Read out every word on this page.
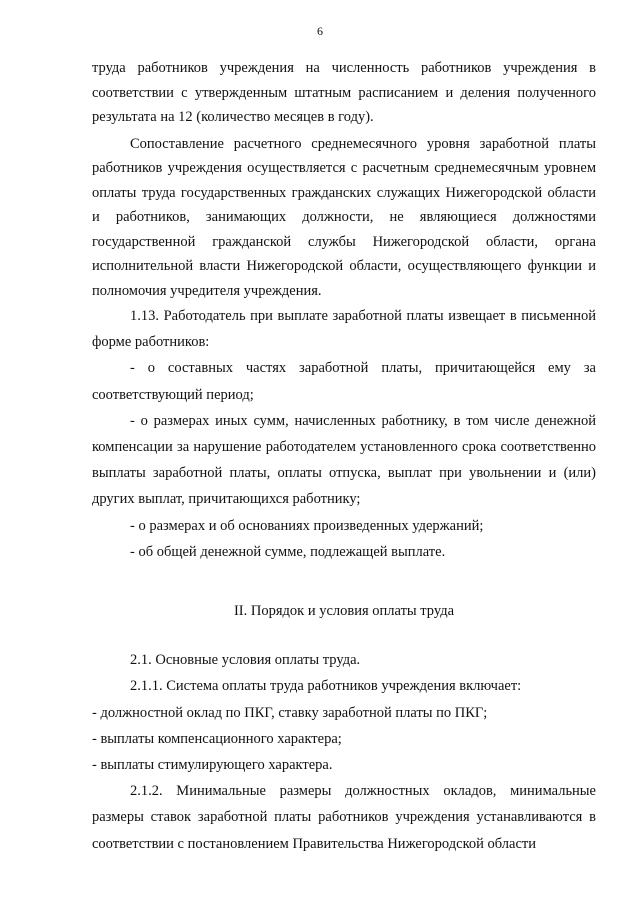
6

труда работников учреждения на численность работников учреждения в соответствии с утвержденным штатным расписанием и деления полученного результата на 12 (количество месяцев в году).

Сопоставление расчетного среднемесячного уровня заработной платы работников учреждения осуществляется с расчетным среднемесячным уровнем оплаты труда государственных гражданских служащих Нижегородской области и работников, занимающих должности, не являющиеся должностями государственной гражданской службы Нижегородской области, органа исполнительной власти Нижегородской области, осуществляющего функции и полномочия учредителя учреждения.

1.13. Работодатель при выплате заработной платы извещает в письменной форме работников:

- о составных частях заработной платы, причитающейся ему за соответствующий период;

- о размерах иных сумм, начисленных работнику, в том числе денежной компенсации за нарушение работодателем установленного срока соответственно выплаты заработной платы, оплаты отпуска, выплат при увольнении и (или) других выплат, причитающихся работнику;

- о размерах и об основаниях произведенных удержаний;

- об общей денежной сумме, подлежащей выплате.

II. Порядок и условия оплаты труда

2.1. Основные условия оплаты труда.

2.1.1. Система оплаты труда работников учреждения включает:

- должностной оклад по ПКГ, ставку заработной платы по ПКГ;

- выплаты компенсационного характера;

- выплаты стимулирующего характера.

2.1.2. Минимальные размеры должностных окладов, минимальные размеры ставок заработной платы работников учреждения устанавливаются в соответствии с постановлением Правительства Нижегородской области
